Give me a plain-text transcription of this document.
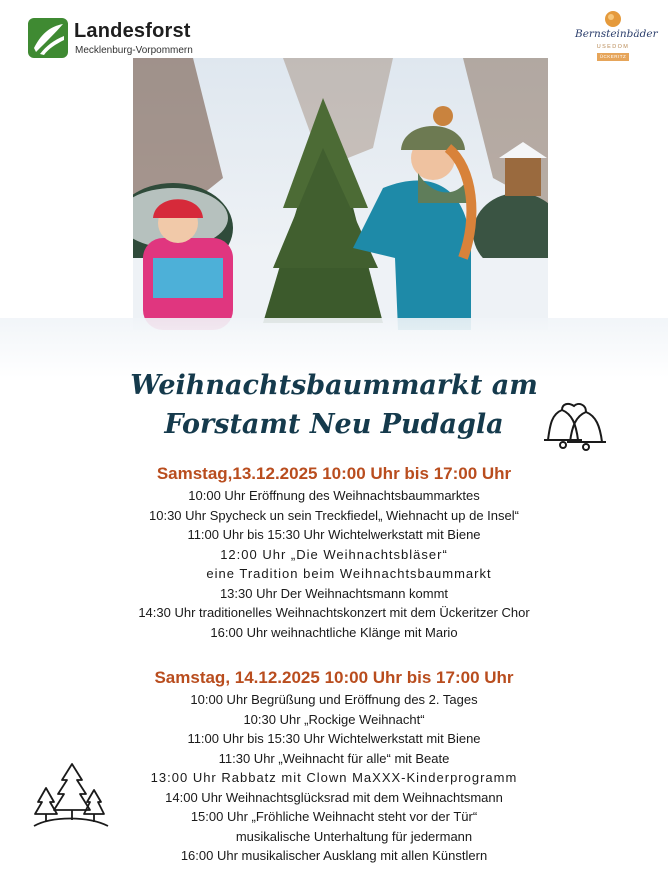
Landesforst
Mecklenburg-Vorpommern
Bernsteinbäder
USEDOM
ÜCKERITZ
Weihnachtsbaummarkt am
Forstamt Neu Pudagla
Samstag,13.12.2025 10:00 Uhr bis 17:00 Uhr
10:00 Uhr Eröffnung des Weihnachtsbaummarktes
10:30 Uhr Spycheck un sein Treckfiedel„ Wiehnacht up de Insel“
11:00 Uhr bis 15:30 Uhr Wichtelwerkstatt mit Biene
12:00 Uhr „Die Weihnachtsbläser“
eine Tradition beim Weihnachtsbaummarkt
13:30 Uhr Der Weihnachtsmann kommt
14:30 Uhr traditionelles Weihnachtskonzert mit dem Ückeritzer Chor
16:00 Uhr weihnachtliche Klänge mit Mario
Samstag, 14.12.2025 10:00 Uhr bis 17:00 Uhr
10:00 Uhr Begrüßung und Eröffnung des 2. Tages
10:30 Uhr „Rockige Weihnacht“
11:00 Uhr bis 15:30 Uhr Wichtelwerkstatt mit Biene
11:30 Uhr „Weihnacht für alle“ mit Beate
13:00 Uhr Rabbatz mit Clown MaXXX-Kinderprogramm
14:00 Uhr Weihnachtsglücksrad mit dem Weihnachtsmann
15:00 Uhr „Fröhliche Weihnacht steht vor der Tür“
musikalische Unterhaltung für jedermann
16:00 Uhr musikalischer Ausklang mit allen Künstlern
